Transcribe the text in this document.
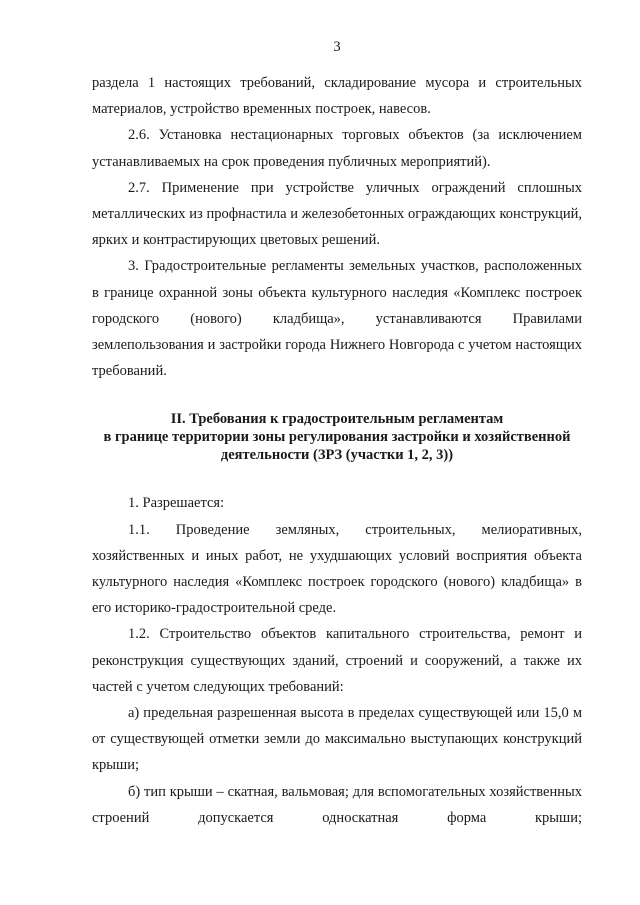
3

раздела 1 настоящих требований, складирование мусора и строительных материалов, устройство временных построек, навесов.

2.6. Установка нестационарных торговых объектов (за исключением устанавливаемых на срок проведения публичных мероприятий).

2.7. Применение при устройстве уличных ограждений сплошных металлических из профнастила и железобетонных ограждающих конструкций, ярких и контрастирующих цветовых решений.

3. Градостроительные регламенты земельных участков, расположенных в границе охранной зоны объекта культурного наследия «Комплекс построек городского (нового) кладбища», устанавливаются Правилами землепользования и застройки города Нижнего Новгорода с учетом настоящих требований.

II. Требования к градостроительным регламентам
в границе территории зоны регулирования застройки и хозяйственной
деятельности (ЗРЗ (участки 1, 2, 3))

1. Разрешается:

1.1. Проведение земляных, строительных, мелиоративных, хозяйственных и иных работ, не ухудшающих условий восприятия объекта культурного наследия «Комплекс построек городского (нового) кладбища» в его историко-градостроительной среде.

1.2. Строительство объектов капитального строительства, ремонт и реконструкция существующих зданий, строений и сооружений, а также их частей с учетом следующих требований:

а) предельная разрешенная высота в пределах существующей или 15,0 м от существующей отметки земли до максимально выступающих конструкций крыши;

б) тип крыши – скатная, вальмовая; для вспомогательных хозяйственных строений допускается односкатная форма крыши;
